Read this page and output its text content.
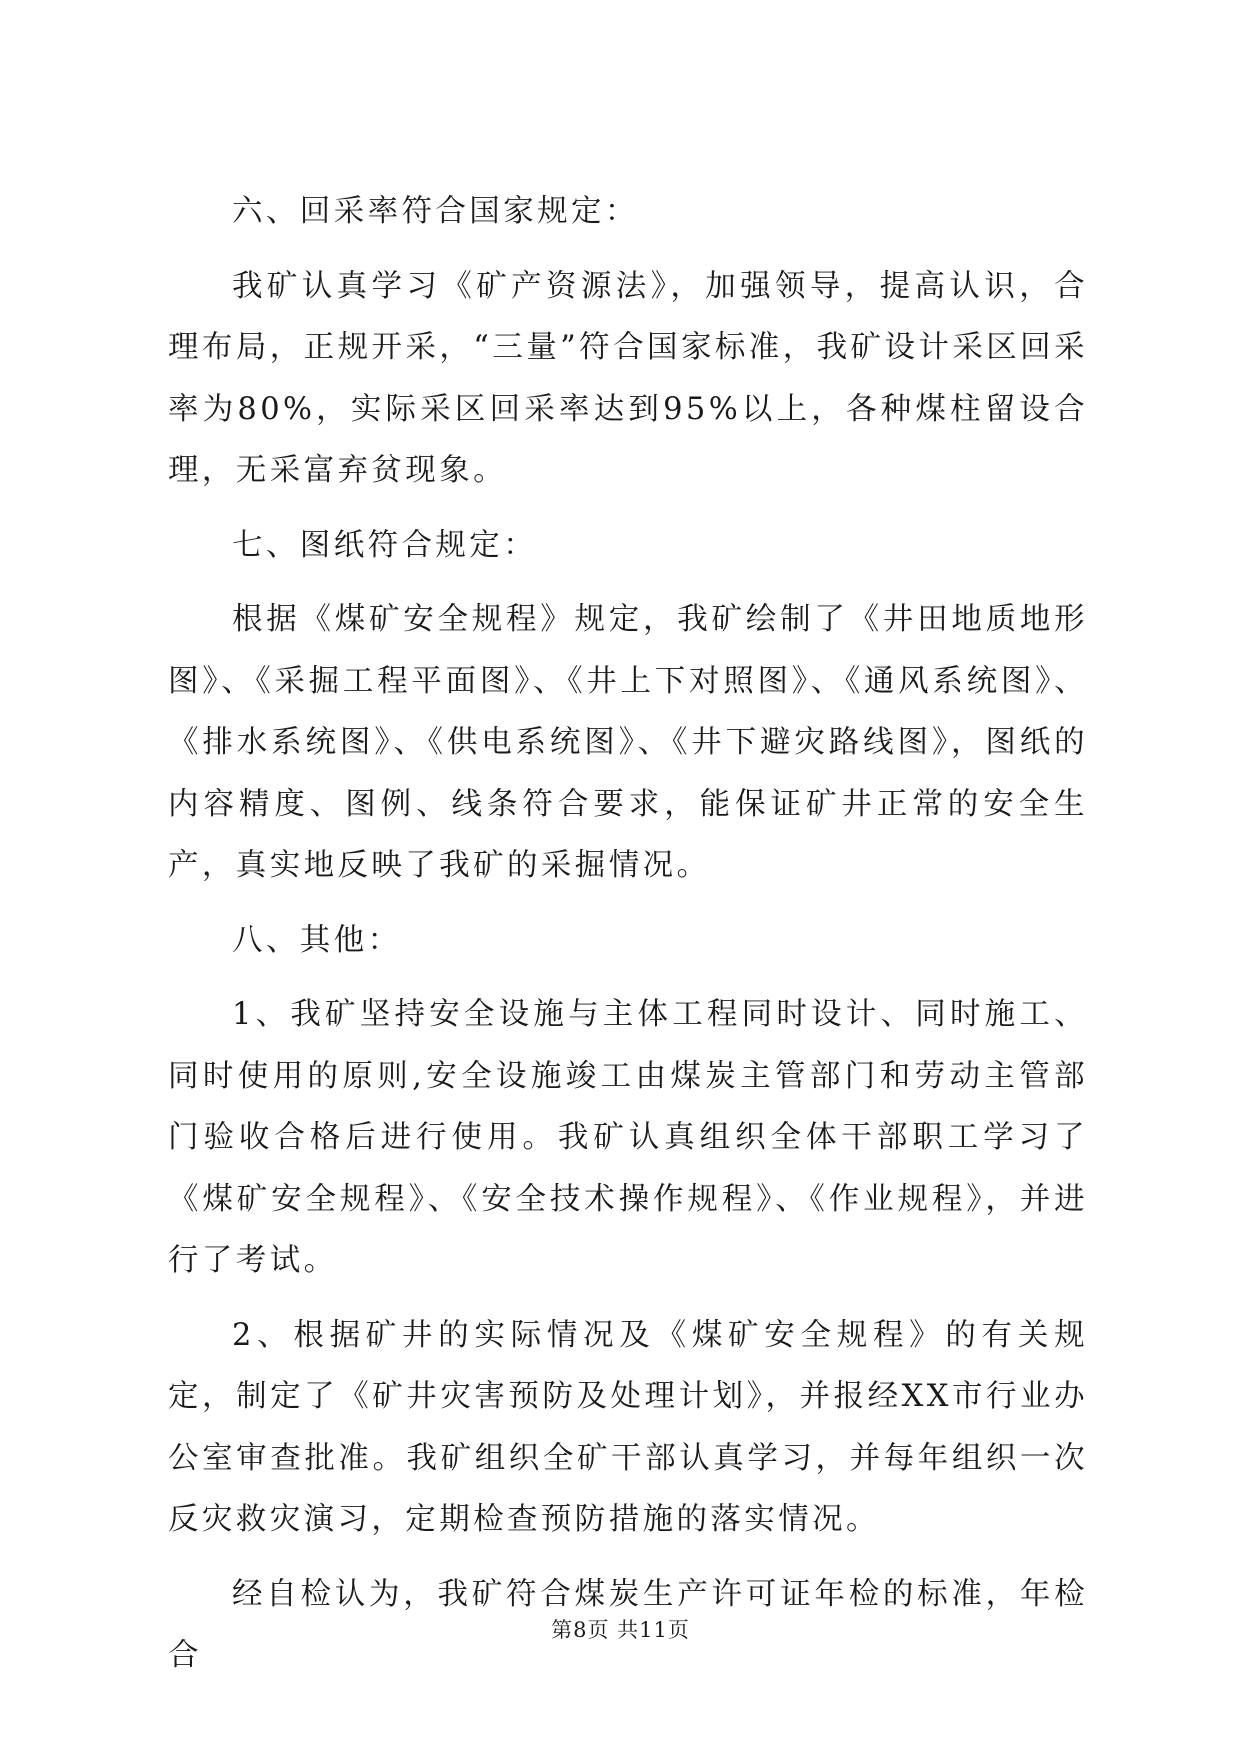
六、回采率符合国家规定：

我矿认真学习《矿产资源法》，加强领导，提高认识，合理布局，正规开采，“三量”符合国家标准，我矿设计采区回采率为80%，实际采区回采率达到95%以上，各种煤柱留设合理，无采富弃贫现象。

七、图纸符合规定：

根据《煤矿安全规程》规定，我矿绘制了《井田地质地形图》、《采掘工程平面图》、《井上下对照图》、《通风系统图》、《排水系统图》、《供电系统图》、《井下避灾路线图》，图纸的内容精度、图例、线条符合要求，能保证矿井正常的安全生产，真实地反映了我矿的采掘情况。

八、其他：

1、我矿坚持安全设施与主体工程同时设计、同时施工、同时使用的原则,安全设施竣工由煤炭主管部门和劳动主管部门验收合格后进行使用。我矿认真组织全体干部职工学习了《煤矿安全规程》、《安全技术操作规程》、《作业规程》，并进行了考试。

2、根据矿井的实际情况及《煤矿安全规程》的有关规定，制定了《矿井灾害预防及处理计划》，并报经XX市行业办公室审查批准。我矿组织全矿干部认真学习，并每年组织一次反灾救灾演习，定期检查预防措施的落实情况。

经自检认为，我矿符合煤炭生产许可证年检的标准，年检合

第8页 共11页
